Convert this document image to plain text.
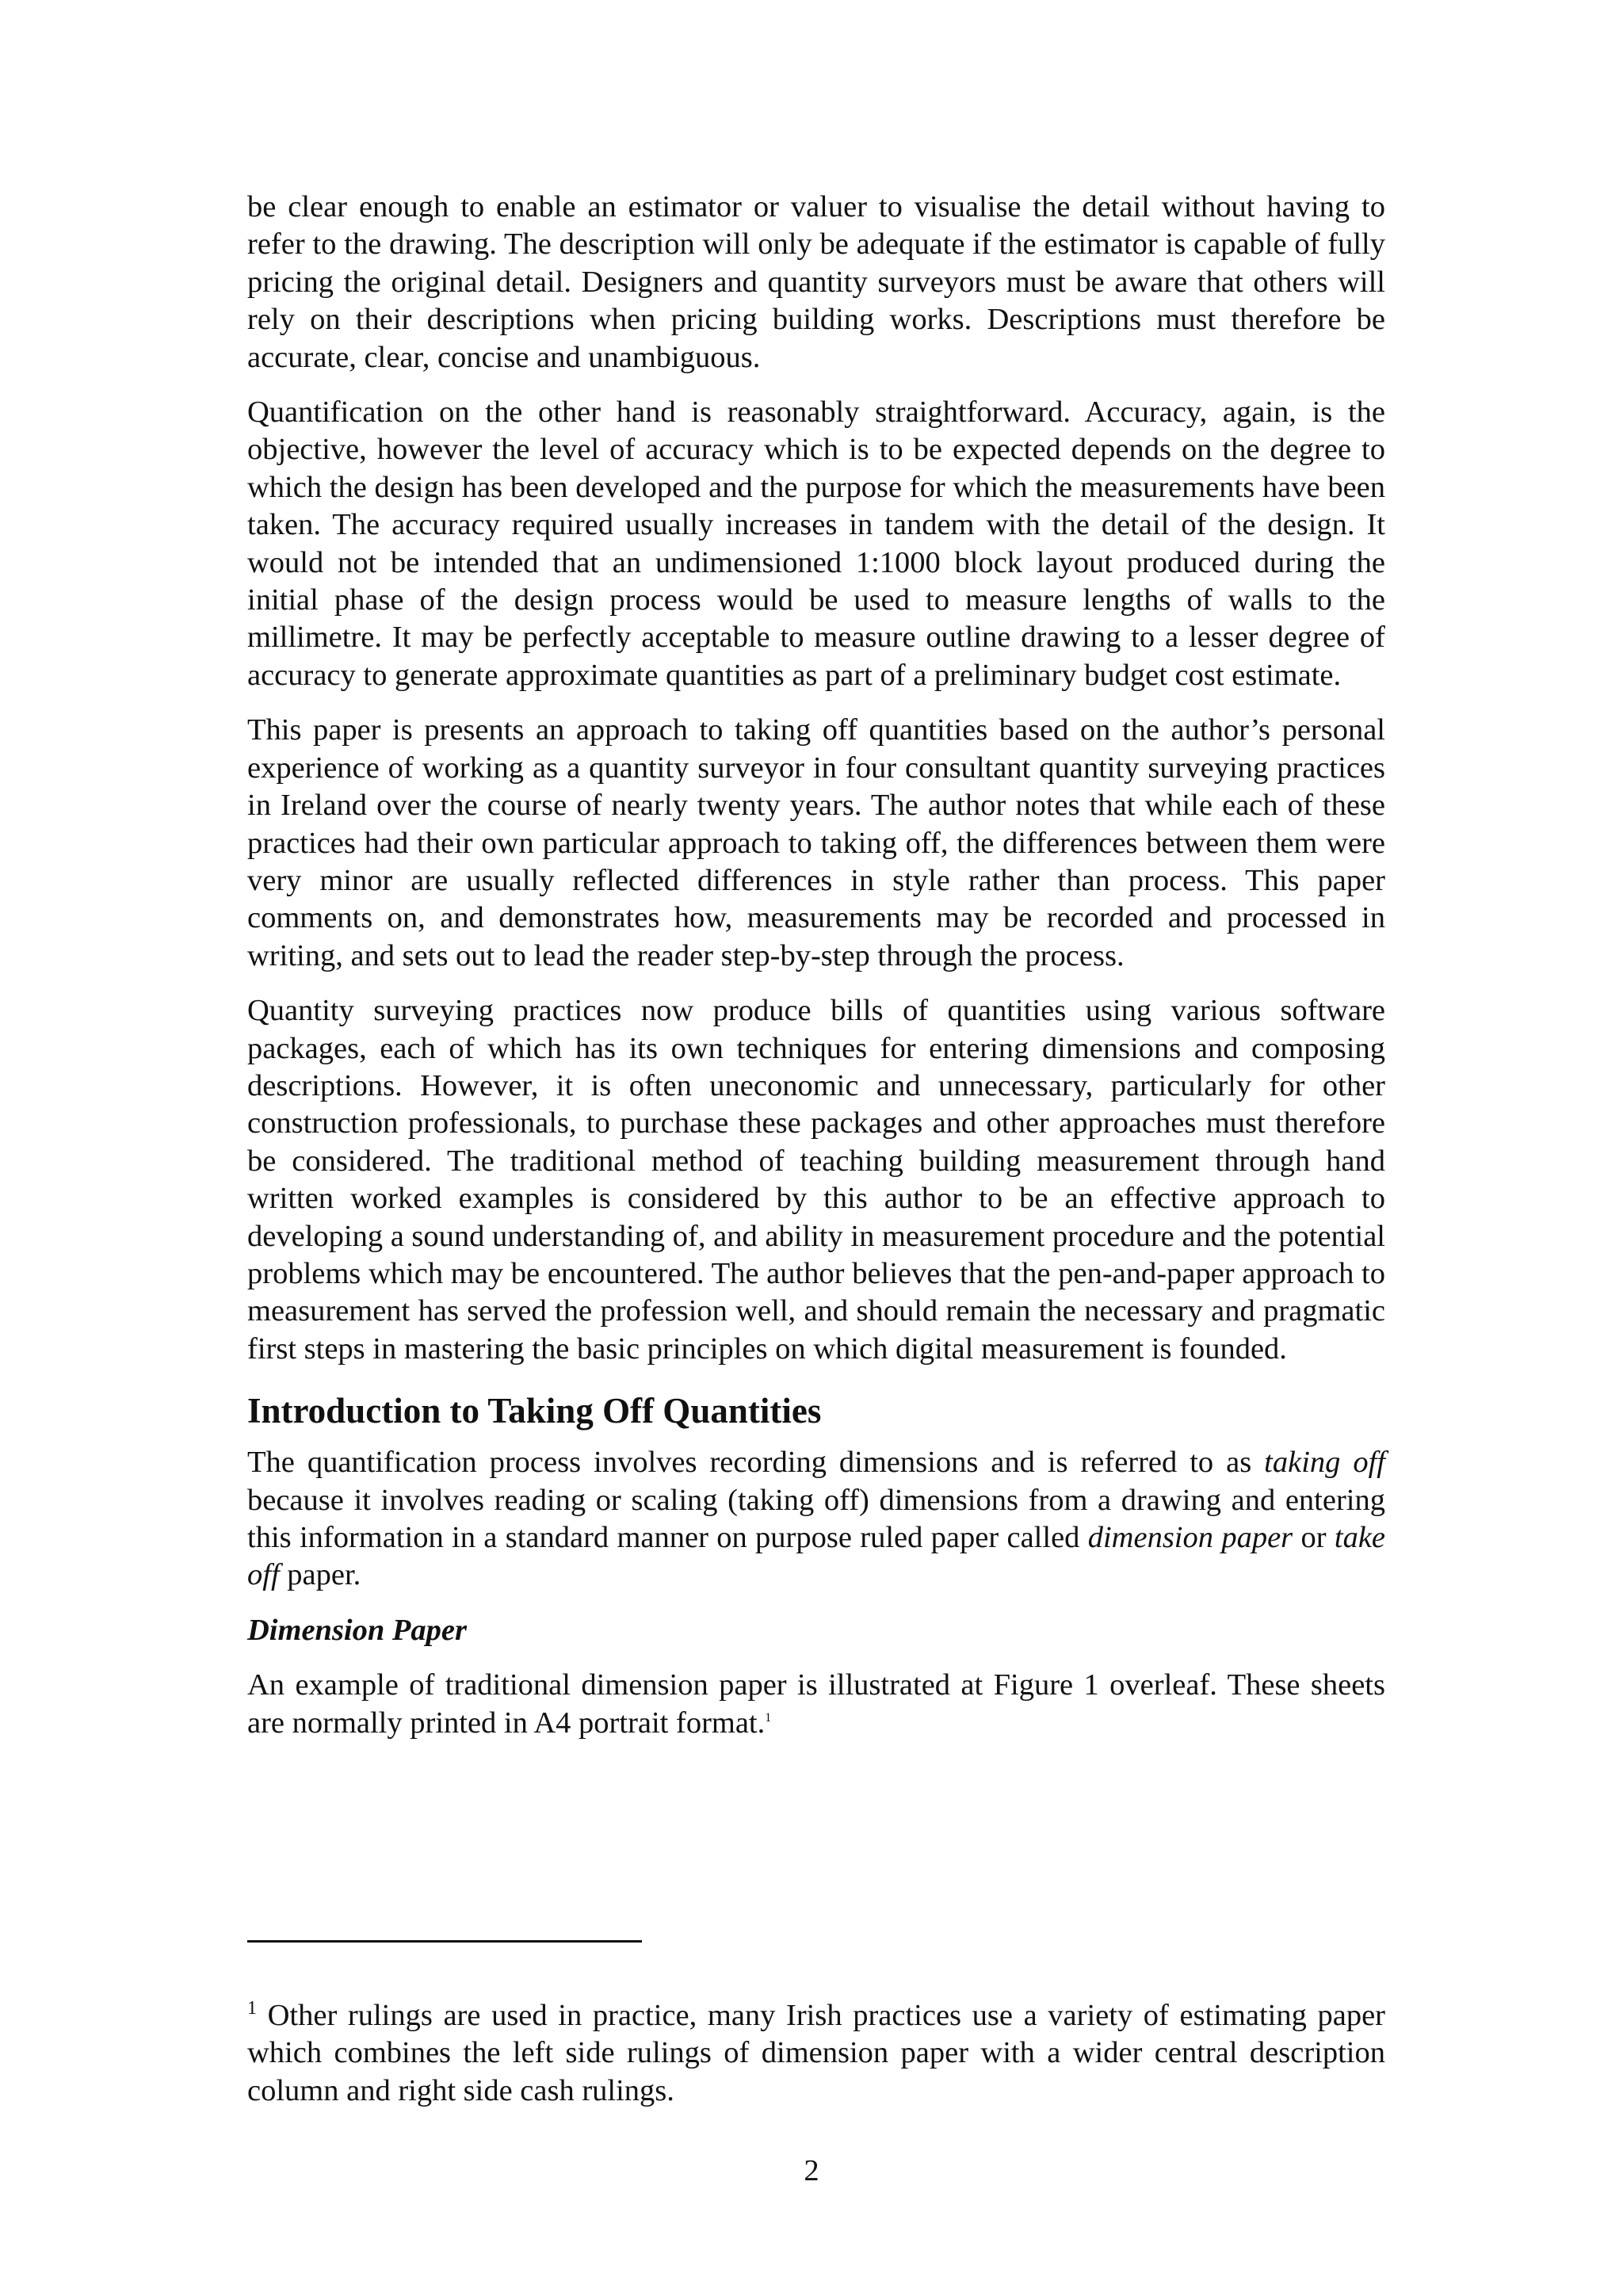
be clear enough to enable an estimator or valuer to visualise the detail without having to refer to the drawing. The description will only be adequate if the estimator is capable of fully pricing the original detail. Designers and quantity surveyors must be aware that others will rely on their descriptions when pricing building works. Descriptions must therefore be accurate, clear, concise and unambiguous.

Quantification on the other hand is reasonably straightforward. Accuracy, again, is the objective, however the level of accuracy which is to be expected depends on the degree to which the design has been developed and the purpose for which the measurements have been taken. The accuracy required usually increases in tandem with the detail of the design. It would not be intended that an undimensioned 1:1000 block layout produced during the initial phase of the design process would be used to measure lengths of walls to the millimetre. It may be perfectly acceptable to measure outline drawing to a lesser degree of accuracy to generate approximate quantities as part of a preliminary budget cost estimate.

This paper is presents an approach to taking off quantities based on the author’s personal experience of working as a quantity surveyor in four consultant quantity surveying practices in Ireland over the course of nearly twenty years. The author notes that while each of these practices had their own particular approach to taking off, the differences between them were very minor are usually reflected differences in style rather than process. This paper comments on, and demonstrates how, measurements may be recorded and processed in writing, and sets out to lead the reader step-by-step through the process.

Quantity surveying practices now produce bills of quantities using various software packages, each of which has its own techniques for entering dimensions and composing descriptions. However, it is often uneconomic and unnecessary, particularly for other construction professionals, to purchase these packages and other approaches must therefore be considered. The traditional method of teaching building measurement through hand written worked examples is considered by this author to be an effective approach to developing a sound understanding of, and ability in measurement procedure and the potential problems which may be encountered. The author believes that the pen-and-paper approach to measurement has served the profession well, and should remain the necessary and pragmatic first steps in mastering the basic principles on which digital measurement is founded.

Introduction to Taking Off Quantities

The quantification process involves recording dimensions and is referred to as taking off because it involves reading or scaling (taking off) dimensions from a drawing and entering this information in a standard manner on purpose ruled paper called dimension paper or take off paper.

Dimension Paper

An example of traditional dimension paper is illustrated at Figure 1 overleaf. These sheets are normally printed in A4 portrait format.$^1$

$^1$ Other rulings are used in practice, many Irish practices use a variety of estimating paper which combines the left side rulings of dimension paper with a wider central description column and right side cash rulings.

2
